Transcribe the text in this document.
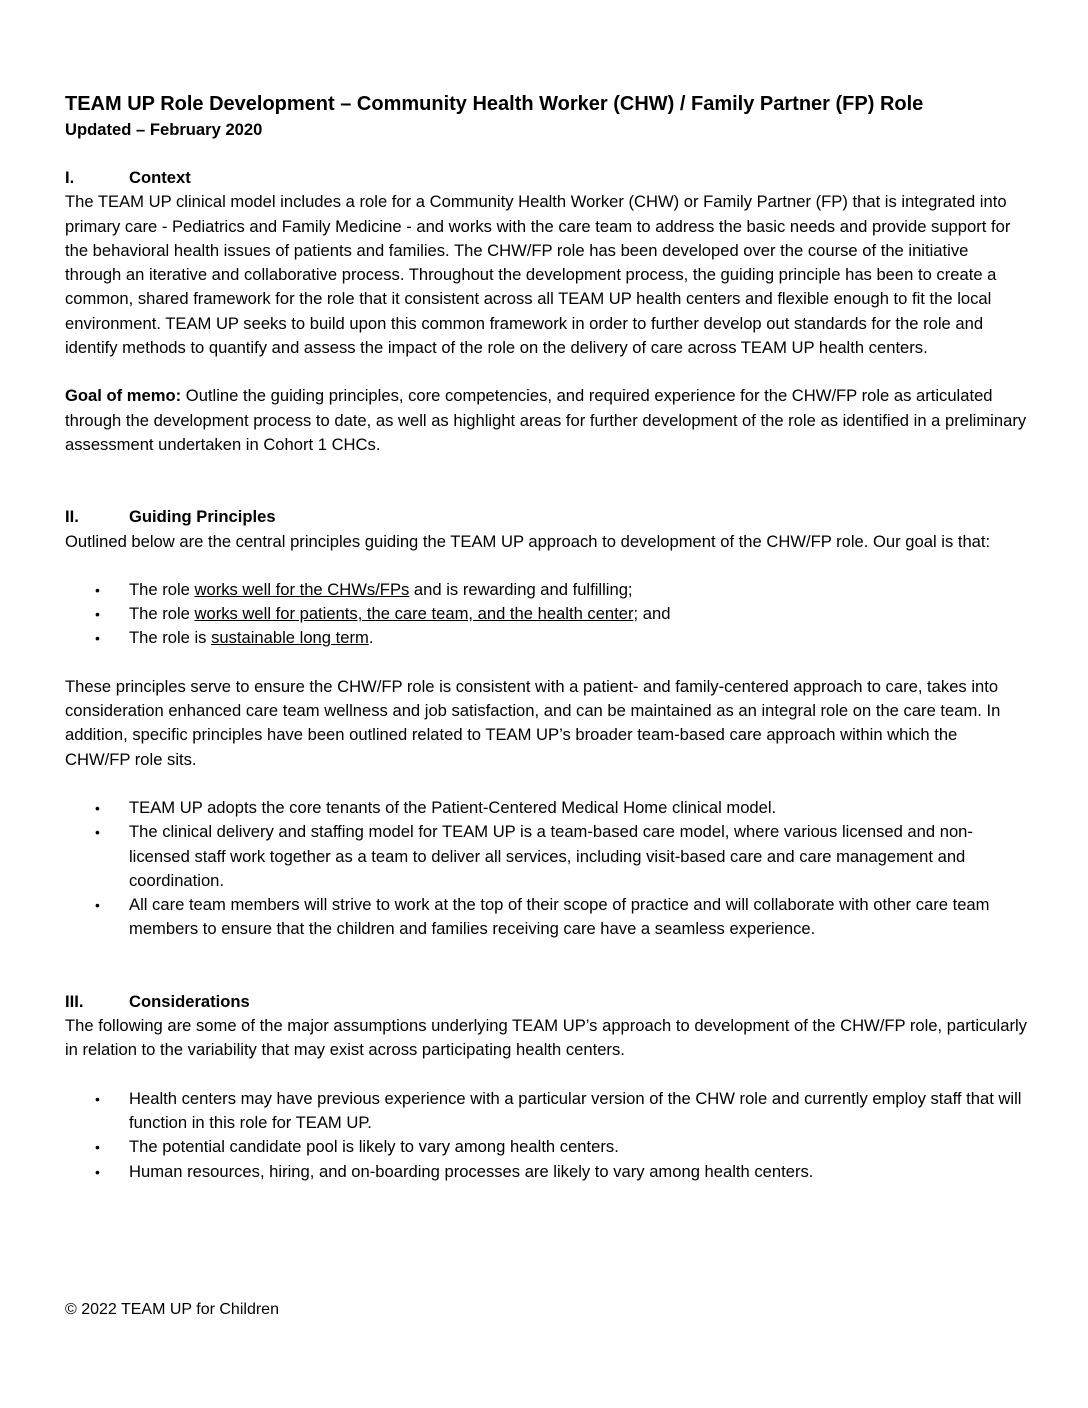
TEAM UP Role Development – Community Health Worker (CHW) / Family Partner (FP) Role
Updated – February 2020
I.	Context

The TEAM UP clinical model includes a role for a Community Health Worker (CHW) or Family Partner (FP) that is integrated into primary care - Pediatrics and Family Medicine - and works with the care team to address the basic needs and provide support for the behavioral health issues of patients and families. The CHW/FP role has been developed over the course of the initiative through an iterative and collaborative process. Throughout the development process, the guiding principle has been to create a common, shared framework for the role that it consistent across all TEAM UP health centers and flexible enough to fit the local environment. TEAM UP seeks to build upon this common framework in order to further develop out standards for the role and identify methods to quantify and assess the impact of the role on the delivery of care across TEAM UP health centers.

Goal of memo: Outline the guiding principles, core competencies, and required experience for the CHW/FP role as articulated through the development process to date, as well as highlight areas for further development of the role as identified in a preliminary assessment undertaken in Cohort 1 CHCs.

II.	Guiding Principles

Outlined below are the central principles guiding the TEAM UP approach to development of the CHW/FP role. Our goal is that:

• The role works well for the CHWs/FPs and is rewarding and fulfilling;
• The role works well for patients, the care team, and the health center; and
• The role is sustainable long term.

These principles serve to ensure the CHW/FP role is consistent with a patient- and family-centered approach to care, takes into consideration enhanced care team wellness and job satisfaction, and can be maintained as an integral role on the care team. In addition, specific principles have been outlined related to TEAM UP’s broader team-based care approach within which the CHW/FP role sits.

• TEAM UP adopts the core tenants of the Patient-Centered Medical Home clinical model.
• The clinical delivery and staffing model for TEAM UP is a team-based care model, where various licensed and non-licensed staff work together as a team to deliver all services, including visit-based care and care management and coordination.
• All care team members will strive to work at the top of their scope of practice and will collaborate with other care team members to ensure that the children and families receiving care have a seamless experience.
III.	Considerations

The following are some of the major assumptions underlying TEAM UP’s approach to development of the CHW/FP role, particularly in relation to the variability that may exist across participating health centers.

• Health centers may have previous experience with a particular version of the CHW role and currently employ staff that will function in this role for TEAM UP.
• The potential candidate pool is likely to vary among health centers.
• Human resources, hiring, and on-boarding processes are likely to vary among health centers.
© 2022 TEAM UP for Children
